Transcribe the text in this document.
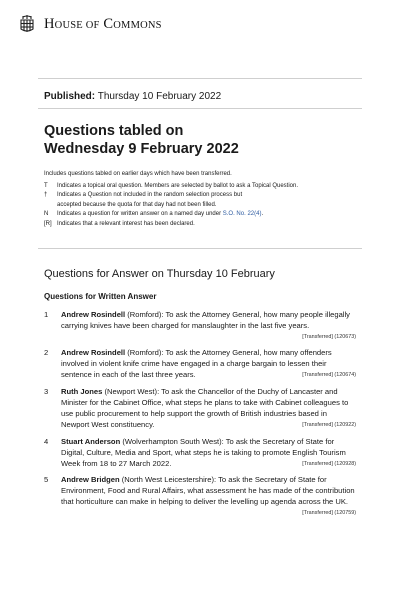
HOUSE OF COMMONS
Published: Thursday 10 February 2022
Questions tabled on
Wednesday 9 February 2022
Includes questions tabled on earlier days which have been transferred.
T	Indicates a topical oral question. Members are selected by ballot to ask a Topical Question.
†	Indicates a Question not included in the random selection process but
accepted because the quota for that day had not been filled.
N	Indicates a question for written answer on a named day under S.O. No. 22(4).
[R] Indicates that a relevant interest has been declared.
Questions for Answer on Thursday 10 February
Questions for Written Answer
1 Andrew Rosindell (Romford): To ask the Attorney General, how many people illegally carrying knives have been charged for manslaughter in the last five years.
[Transferred] (120673)
2 Andrew Rosindell (Romford): To ask the Attorney General, how many offenders involved in violent knife crime have engaged in a charge bargain to lessen their sentence in each of the last three years.	[Transferred] (120674)
3 Ruth Jones (Newport West): To ask the Chancellor of the Duchy of Lancaster and Minister for the Cabinet Office, what steps he plans to take with Cabinet colleagues to use public procurement to help support the growth of British industries based in Newport West constituency.	[Transferred] (120922)
4 Stuart Anderson (Wolverhampton South West): To ask the Secretary of State for Digital, Culture, Media and Sport, what steps he is taking to promote English Tourism Week from 18 to 27 March 2022.	[Transferred] (120928)
5 Andrew Bridgen (North West Leicestershire): To ask the Secretary of State for Environment, Food and Rural Affairs, what assessment he has made of the contribution that horticulture can make in helping to deliver the levelling up agenda across the UK.
[Transferred] (120759)
